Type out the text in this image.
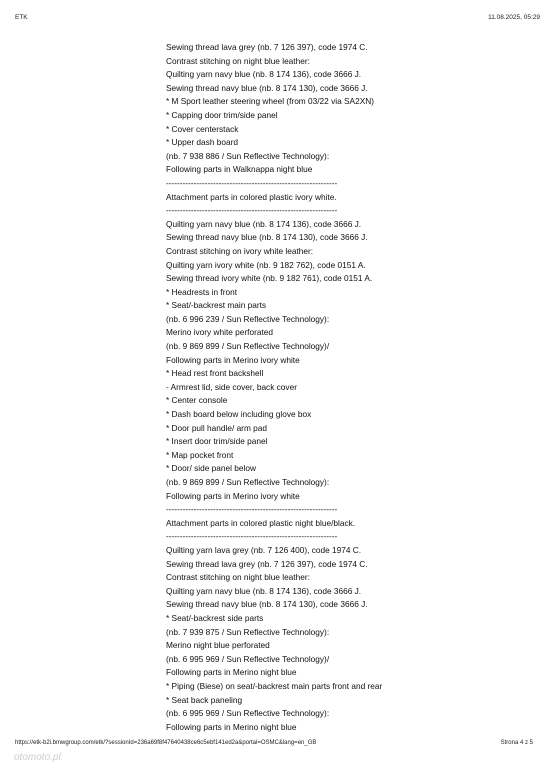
ETK	11.08.2025, 05:29
Sewing thread lava grey (nb. 7 126 397), code 1974 C.
Contrast stitching on night blue leather:
Quilting yarn navy blue (nb. 8 174 136), code 3666 J.
Sewing thread navy blue (nb. 8 174 130), code 3666 J.
* M Sport leather steering wheel (from 03/22 via SA2XN)
* Capping door trim/side panel
* Cover centerstack
* Upper dash board
(nb. 7 938 886 / Sun Reflective Technology):
Following parts in Walknappa night blue
--------------------------------------------------------------
Attachment parts in colored plastic ivory white.
--------------------------------------------------------------
Quilting yarn navy blue (nb. 8 174 136), code 3666 J.
Sewing thread navy blue (nb. 8 174 130), code 3666 J.
Contrast stitching on ivory white leather:
Quilting yarn ivory white (nb. 9 182 762), code 0151 A.
Sewing thread ivory white (nb. 9 182 761), code 0151 A.
* Headrests in front
* Seat/-backrest main parts
(nb. 6 996 239 / Sun Reflective Technology):
Merino ivory white perforated
(nb. 9 869 899 / Sun Reflective Technology)/
Following parts in Merino ivory white
* Head rest front backshell
- Armrest lid, side cover, back cover
* Center console
* Dash board below including glove box
* Door pull handle/ arm pad
* Insert door trim/side panel
* Map pocket front
* Door/ side panel below
(nb. 9 869 899 / Sun Reflective Technology):
Following parts in Merino ivory white
--------------------------------------------------------------
Attachment parts in colored plastic night blue/black.
--------------------------------------------------------------
Quilting yarn lava grey (nb. 7 126 400), code 1974 C.
Sewing thread lava grey (nb. 7 126 397), code 1974 C.
Contrast stitching on night blue leather:
Quilting yarn navy blue (nb. 8 174 136), code 3666 J.
Sewing thread navy blue (nb. 8 174 130), code 3666 J.
* Seat/-backrest side parts
(nb. 7 939 875 / Sun Reflective Technology):
Merino night blue perforated
(nb. 6 995 969 / Sun Reflective Technology)/
Following parts in Merino night blue
* Piping (Biese) on seat/-backrest main parts front and rear
* Seat back paneling
(nb. 6 995 969 / Sun Reflective Technology):
Following parts in Merino night blue
https://etk-b2i.bmwgroup.com/etk/?sessionId=236a69f8f47640438ce6c5ebf141ed2a&portal=OSMC&lang=en_GB	Strona 4 z 5
otomoto.pl
